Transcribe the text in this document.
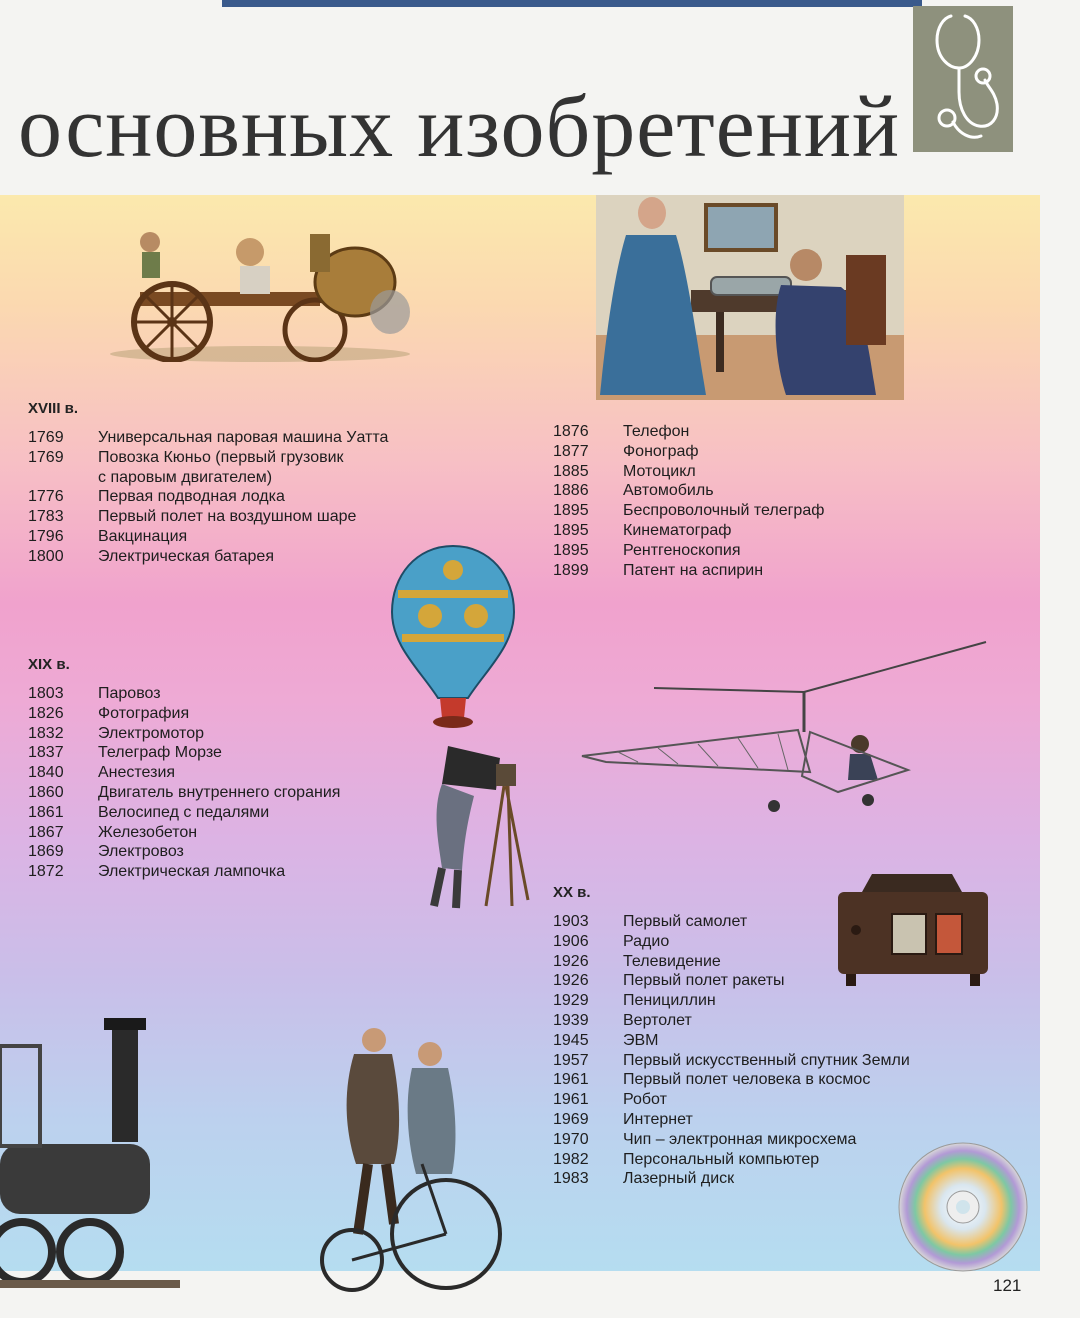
основных изобретений
XVIII в.
1769	Универсальная паровая машина Уатта
1769	Повозка Кюньо (первый грузовик
с паровым двигателем)
1776	Первая подводная лодка
1783	Первый полет на воздушном шаре
1796	Вакцинация
1800	Электрическая батарея
XIX в.
1803	Паровоз
1826	Фотография
1832	Электромотор
1837	Телеграф Морзе
1840	Анестезия
1860	Двигатель внутреннего сгорания
1861	Велосипед с педалями
1867	Железобетон
1869	Электровоз
1872	Электрическая лампочка
1876	Телефон
1877	Фонограф
1885	Мотоцикл
1886	Автомобиль
1895	Беспроволочный телеграф
1895	Кинематограф
1895	Рентгеноскопия
1899	Патент на аспирин
XX в.
1903	Первый самолет
1906	Радио
1926	Телевидение
1926	Первый полет ракеты
1929	Пенициллин
1939	Вертолет
1945	ЭВМ
1957	Первый искусственный спутник Земли
1961	Первый полет человека в космос
1961	Робот
1969	Интернет
1970	Чип – электронная микросхема
1982	Персональный компьютер
1983	Лазерный диск
121
